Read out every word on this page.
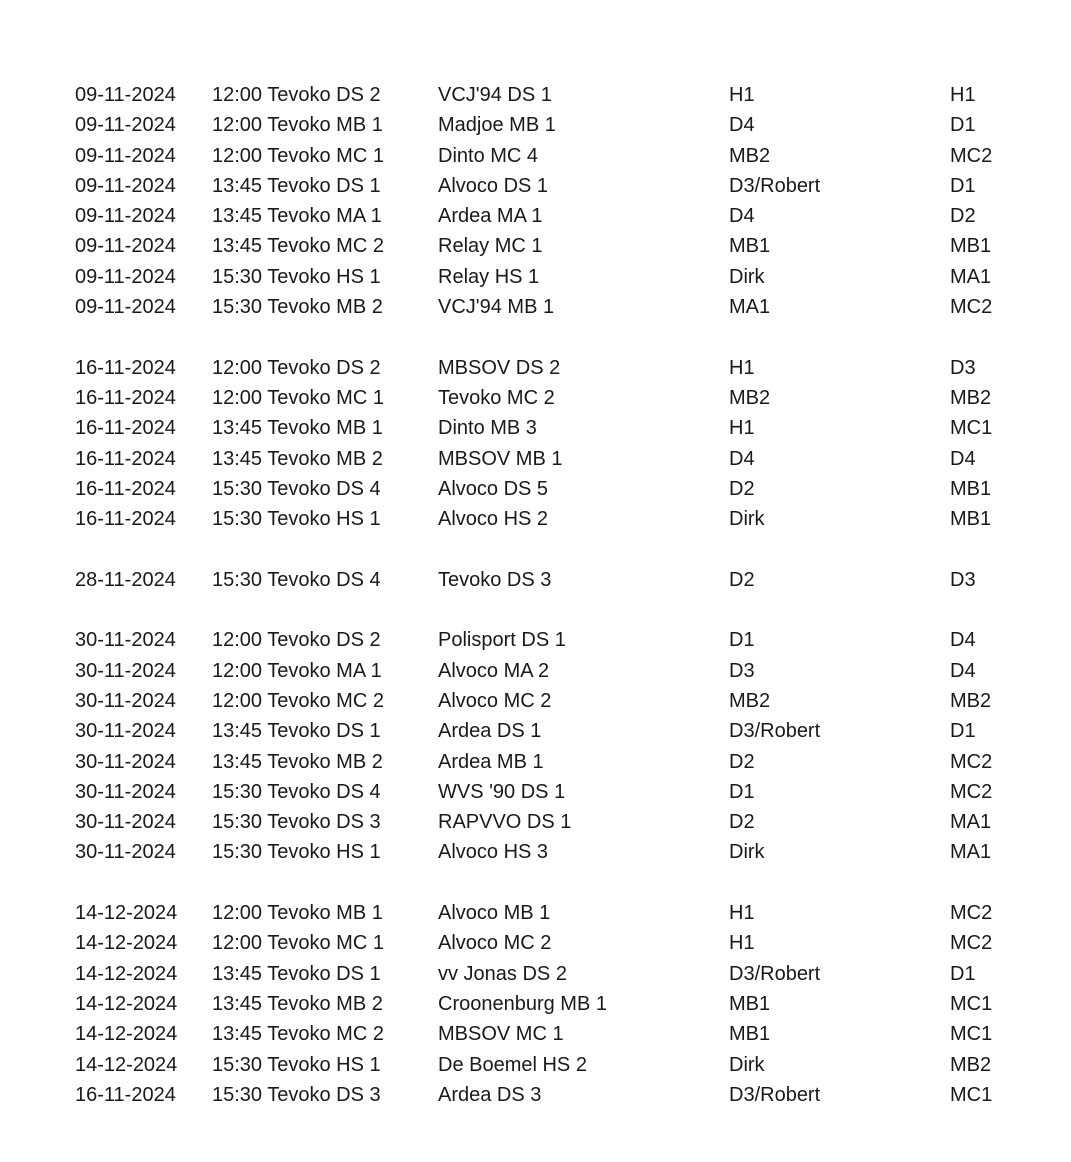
09-11-2024 12:00 Tevoko DS 2	VCJ'94 DS 1	H1	H1
09-11-2024 12:00 Tevoko MB 1	Madjoe MB 1	D4	D1
09-11-2024 12:00 Tevoko MC 1	Dinto MC 4	MB2	MC2
09-11-2024 13:45 Tevoko DS 1	Alvoco DS 1	D3/Robert	D1
09-11-2024 13:45 Tevoko MA 1	Ardea MA 1	D4	D2
09-11-2024 13:45 Tevoko MC 2	Relay MC 1	MB1	MB1
09-11-2024 15:30 Tevoko HS 1	Relay HS 1	Dirk	MA1
09-11-2024 15:30 Tevoko MB 2	VCJ'94 MB 1	MA1	MC2
16-11-2024 12:00 Tevoko DS 2	MBSOV DS 2	H1	D3
16-11-2024 12:00 Tevoko MC 1	Tevoko MC 2	MB2	MB2
16-11-2024 13:45 Tevoko MB 1	Dinto MB 3	H1	MC1
16-11-2024 13:45 Tevoko MB 2	MBSOV MB 1	D4	D4
16-11-2024 15:30 Tevoko DS 4	Alvoco DS 5	D2	MB1
16-11-2024 15:30 Tevoko HS 1	Alvoco HS 2	Dirk	MB1
28-11-2024 15:30 Tevoko DS 4	Tevoko DS 3	D2	D3
30-11-2024 12:00 Tevoko DS 2	Polisport DS 1	D1	D4
30-11-2024 12:00 Tevoko MA 1	Alvoco MA 2	D3	D4
30-11-2024 12:00 Tevoko MC 2	Alvoco MC 2	MB2	MB2
30-11-2024 13:45 Tevoko DS 1	Ardea DS 1	D3/Robert	D1
30-11-2024 13:45 Tevoko MB 2	Ardea MB 1	D2	MC2
30-11-2024 15:30 Tevoko DS 4	WVS '90 DS 1	D1	MC2
30-11-2024 15:30 Tevoko DS 3	RAPVVO DS 1	D2	MA1
30-11-2024 15:30 Tevoko HS 1	Alvoco HS 3	Dirk	MA1
14-12-2024 12:00 Tevoko MB 1	Alvoco MB 1	H1	MC2
14-12-2024 12:00 Tevoko MC 1	Alvoco MC 2	H1	MC2
14-12-2024 13:45 Tevoko DS 1	vv Jonas DS 2	D3/Robert	D1
14-12-2024 13:45 Tevoko MB 2	Croonenburg MB 1	MB1	MC1
14-12-2024 13:45 Tevoko MC 2	MBSOV MC 1	MB1	MC1
14-12-2024 15:30 Tevoko HS 1	De Boemel HS 2	Dirk	MB2
16-11-2024 15:30 Tevoko DS 3	Ardea DS 3	D3/Robert	MC1
